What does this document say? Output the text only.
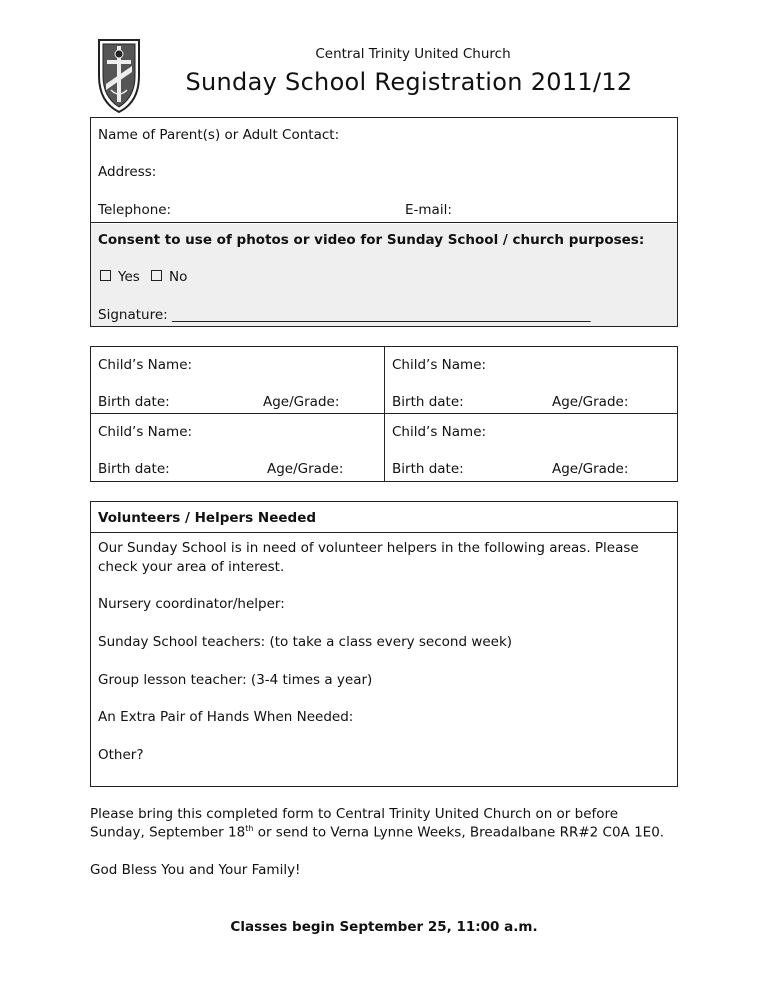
Central Trinity United Church
Sunday School Registration 2011/12
Name of Parent(s) or Adult Contact:
Address:
Telephone:	E-mail:
Consent to use of photos or video for Sunday School / church purposes:
Yes	No
Signature: ______________________________________________________________
Child’s Name:
Birth date:	Age/Grade:
Child’s Name:
Birth date:	Age/Grade:
Child’s Name:
Birth date:	Age/Grade:
Child’s Name:
Birth date:	Age/Grade:
Volunteers / Helpers Needed
Our Sunday School is in need of volunteer helpers in the following areas. Please
check your area of interest.
Nursery coordinator/helper:
Sunday School teachers: (to take a class every second week)
Group lesson teacher: (3-4 times a year)
An Extra Pair of Hands When Needed:
Other?
Please bring this completed form to Central Trinity United Church on or before
Sunday, September 18th or send to Verna Lynne Weeks, Breadalbane RR#2 C0A 1E0.
God Bless You and Your Family!
Classes begin September 25, 11:00 a.m.
